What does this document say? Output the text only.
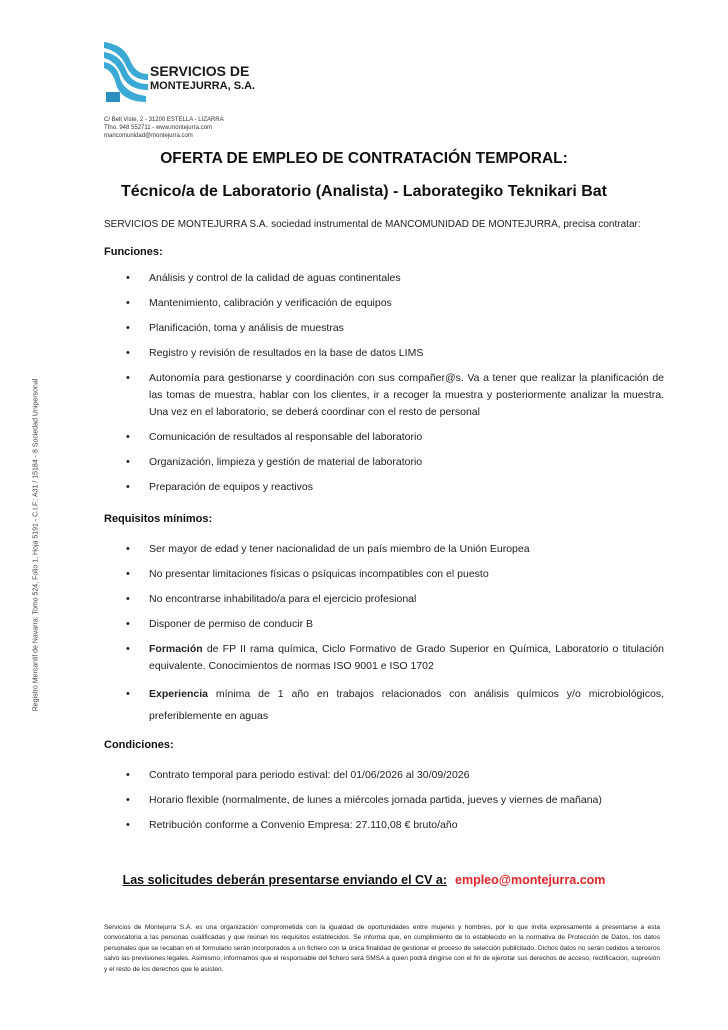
SERVICIOS DE
MONTEJURRA, S.A.
C/ Bell Viste, 2 - 31200 ESTELLA - LIZARRA
Tfno. 948 552711 - www.montejurra.com
mancomunidad@montejurra.com
Registro Mercantil de Navarra: Tomo 524, Folio 1, Hoja 5191 - C.I.F.: A31 / 15184 - 8 Sociedad Unipersonal
OFERTA DE EMPLEO DE CONTRATACIÓN TEMPORAL:
Técnico/a de Laboratorio (Analista) - Laborategiko Teknikari Bat
SERVICIOS DE MONTEJURRA S.A. sociedad instrumental de MANCOMUNIDAD DE MONTEJURRA, precisa contratar:
Funciones:
• Análisis y control de la calidad de aguas continentales
• Mantenimiento, calibración y verificación de equipos
• Planificación, toma y análisis de muestras
• Registro y revisión de resultados en la base de datos LIMS
• Autonomía para gestionarse y coordinación con sus compañer@s. Va a tener que realizar la planificación de las tomas de muestra, hablar con los clientes, ir a recoger la muestra y posteriormente analizar la muestra. Una vez en el laboratorio, se deberá coordinar con el resto de personal
• Comunicación de resultados al responsable del laboratorio
• Organización, limpieza y gestión de material de laboratorio
• Preparación de equipos y reactivos
Requisitos mínimos:
• Ser mayor de edad y tener nacionalidad de un país miembro de la Unión Europea
• No presentar limitaciones físicas o psíquicas incompatibles con el puesto
• No encontrarse inhabilitado/a para el ejercicio profesional
• Disponer de permiso de conducir B
• Formación de FP II rama química, Ciclo Formativo de Grado Superior en Química, Laboratorio o titulación equivalente. Conocimientos de normas ISO 9001 e ISO 1702
• Experiencia mínima de 1 año en trabajos relacionados con análisis químicos y/o microbiológicos, preferiblemente en aguas
Condiciones:
• Contrato temporal para periodo estival: del 01/06/2026 al 30/09/2026
• Horario flexible (normalmente, de lunes a miércoles jornada partida, jueves y viernes de mañana)
• Retribución conforme a Convenio Empresa: 27.110,08 € bruto/año
Las solicitudes deberán presentarse enviando el CV a: empleo@montejurra.com
Servicios de Montejurra S.A. es una organización comprometida con la igualdad de oportunidades entre mujeres y hombres, por lo que invita expresamente a presentarse a esta convocatoria a las personas cualificadas y que reúnan los requisitos establecidos. Se informa que, en cumplimiento de lo establecido en la normativa de Protección de Datos, los datos personales que se recaban en el formulario serán incorporados a un fichero con la única finalidad de gestionar el proceso de selección publicitado. Dichos datos no serán cedidos a terceros salvo las previsiones legales. Asimismo, informamos que el responsable del fichero será SMSA a quien podrá dirigirse con el fin de ejercitar sus derechos de acceso, rectificación, supresión y el resto de los derechos que le asisten.
